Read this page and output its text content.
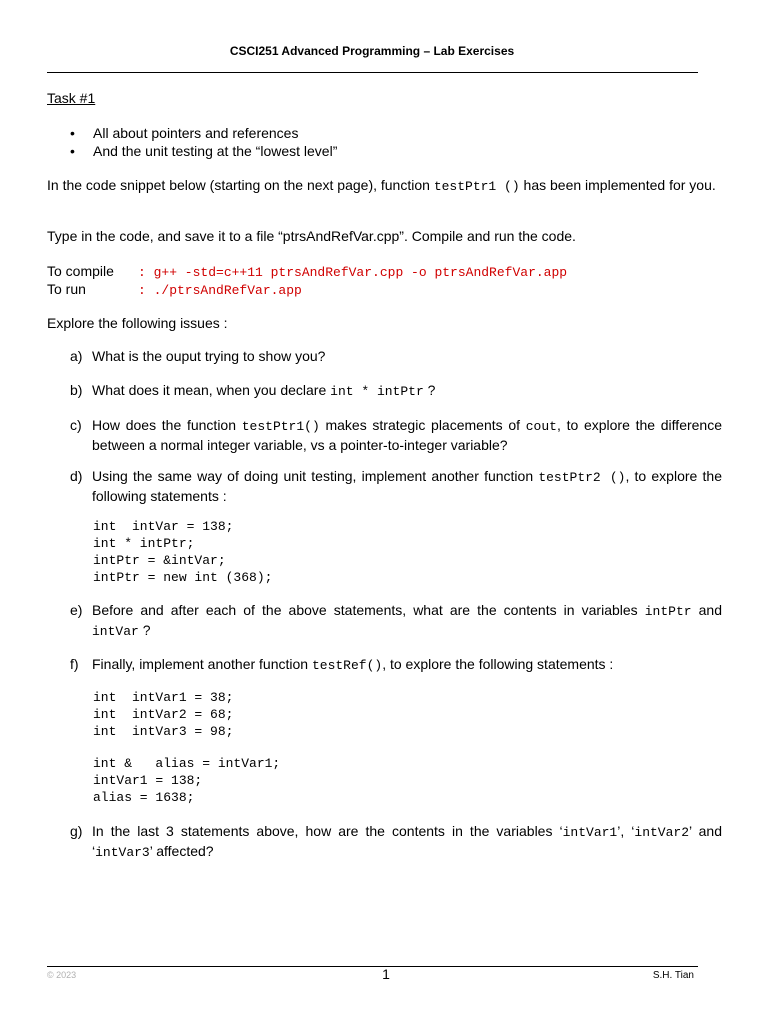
CSCI251 Advanced Programming – Lab Exercises
Task #1
• All about pointers and references
• And the unit testing at the “lowest level”
In the code snippet below (starting on the next page), function testPtr1 () has been implemented for you.
Type in the code, and save it to a file “ptrsAndRefVar.cpp”. Compile and run the code.
To compile : g++ -std=c++11 ptrsAndRefVar.cpp -o ptrsAndRefVar.app
To run	: ./ptrsAndRefVar.app
Explore the following issues :
a) What is the ouput trying to show you?
b) What does it mean, when you declare int * intPtr ?
c) How does the function testPtr1() makes strategic placements of cout, to explore the difference between a normal integer variable, vs a pointer-to-integer variable?
d) Using the same way of doing unit testing, implement another function testPtr2 (), to explore the following statements :
int  intVar = 138;
int * intPtr;
intPtr = &intVar;
intPtr = new int (368);
e) Before and after each of the above statements, what are the contents in variables intPtr and intVar ?
f) Finally, implement another function testRef(), to explore the following statements :
int  intVar1 = 38;
int  intVar2 = 68;
int  intVar3 = 98;
int &   alias = intVar1;
intVar1 = 138;
alias = 1638;
g) In the last 3 statements above, how are the contents in the variables ‘intVar1’, ‘intVar2’ and ‘intVar3’ affected?
© 2023	1	S.H. Tian
